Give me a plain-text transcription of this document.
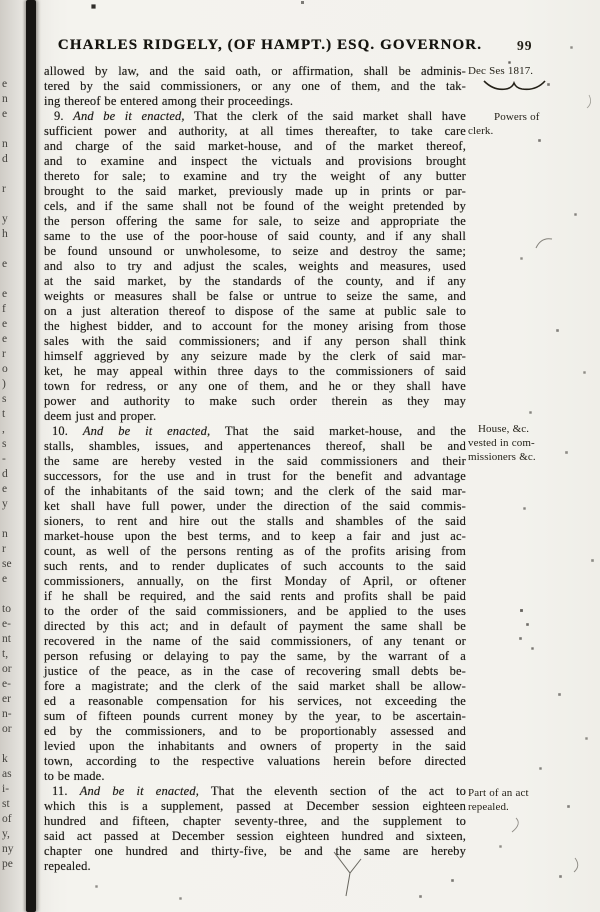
e
n
e
n
d
r
y
h
e
e
f
e
e
r
o
)
s
t
,
s
-
d
e
y
n
r
se
e
to
e-
nt
t,
or
e-
er
n-
or
k
as
i-
st
of
y,
ny
pe
CHARLES RIDGELY, (OF HAMPT.) ESQ. GOVERNOR.	99
allowed by law, and the said oath, or affirmation, shall be adminis-
tered by the said commissioners, or any one of them, and the tak-
ing thereof be entered among their proceedings.
9. And be it enacted, That the clerk of the said market shall have
sufficient power and authority, at all times thereafter, to take care
and charge of the said market-house, and of the market thereof,
and to examine and inspect the victuals and provisions brought
thereto for sale; to examine and try the weight of any butter
brought to the said market, previously made up in prints or par-
cels, and if the same shall not be found of the weight pretended by
the person offering the same for sale, to seize and appropriate the
same to the use of the poor-house of said county, and if any shall
be found unsound or unwholesome, to seize and destroy the same;
and also to try and adjust the scales, weights and measures, used
at the said market, by the standards of the county, and if any
weights or measures shall be false or untrue to seize the same, and
on a just alteration thereof to dispose of the same at public sale to
the highest bidder, and to account for the money arising from those
sales with the said commissioners; and if any person shall think
himself aggrieved by any seizure made by the clerk of said mar-
ket, he may appeal within three days to the commissioners of said
town for redress, or any one of them, and he or they shall have
power and authority to make such order therein as they may
deem just and proper.
10. And be it enacted, That the said market-house, and the
stalls, shambles, issues, and appertenances thereof, shall be and
the same are hereby vested in the said commissioners and their
successors, for the use and in trust for the benefit and advantage
of the inhabitants of the said town; and the clerk of the said mar-
ket shall have full power, under the direction of the said commis-
sioners, to rent and hire out the stalls and shambles of the said
market-house upon the best terms, and to keep a fair and just ac-
count, as well of the persons renting as of the profits arising from
such rents, and to render duplicates of such accounts to the said
commissioners, annually, on the first Monday of April, or oftener
if he shall be required, and the said rents and profits shall be paid
to the order of the said commissioners, and be applied to the uses
directed by this act; and in default of payment the same shall be
recovered in the name of the said commissioners, of any tenant or
person refusing or delaying to pay the same, by the warrant of a
justice of the peace, as in the case of recovering small debts be-
fore a magistrate; and the clerk of the said market shall be allow-
ed a reasonable compensation for his services, not exceeding the
sum of fifteen pounds current money by the year, to be ascertain-
ed by the commissioners, and to be proportionably assessed and
levied upon the inhabitants and owners of property in the said
town, according to the respective valuations herein before directed
to be made.
11. And be it enacted, That the eleventh section of the act to
which this is a supplement, passed at December session eighteen
hundred and fifteen, chapter seventy-three, and the supplement to
said act passed at December session eighteen hundred and sixteen,
chapter one hundred and thirty-five, be and the same are hereby
repealed.
Dec Ses 1817.
Powers of
clerk.
House, &c.
vested in com-
missioners &c.
Part of an act
repealed.
